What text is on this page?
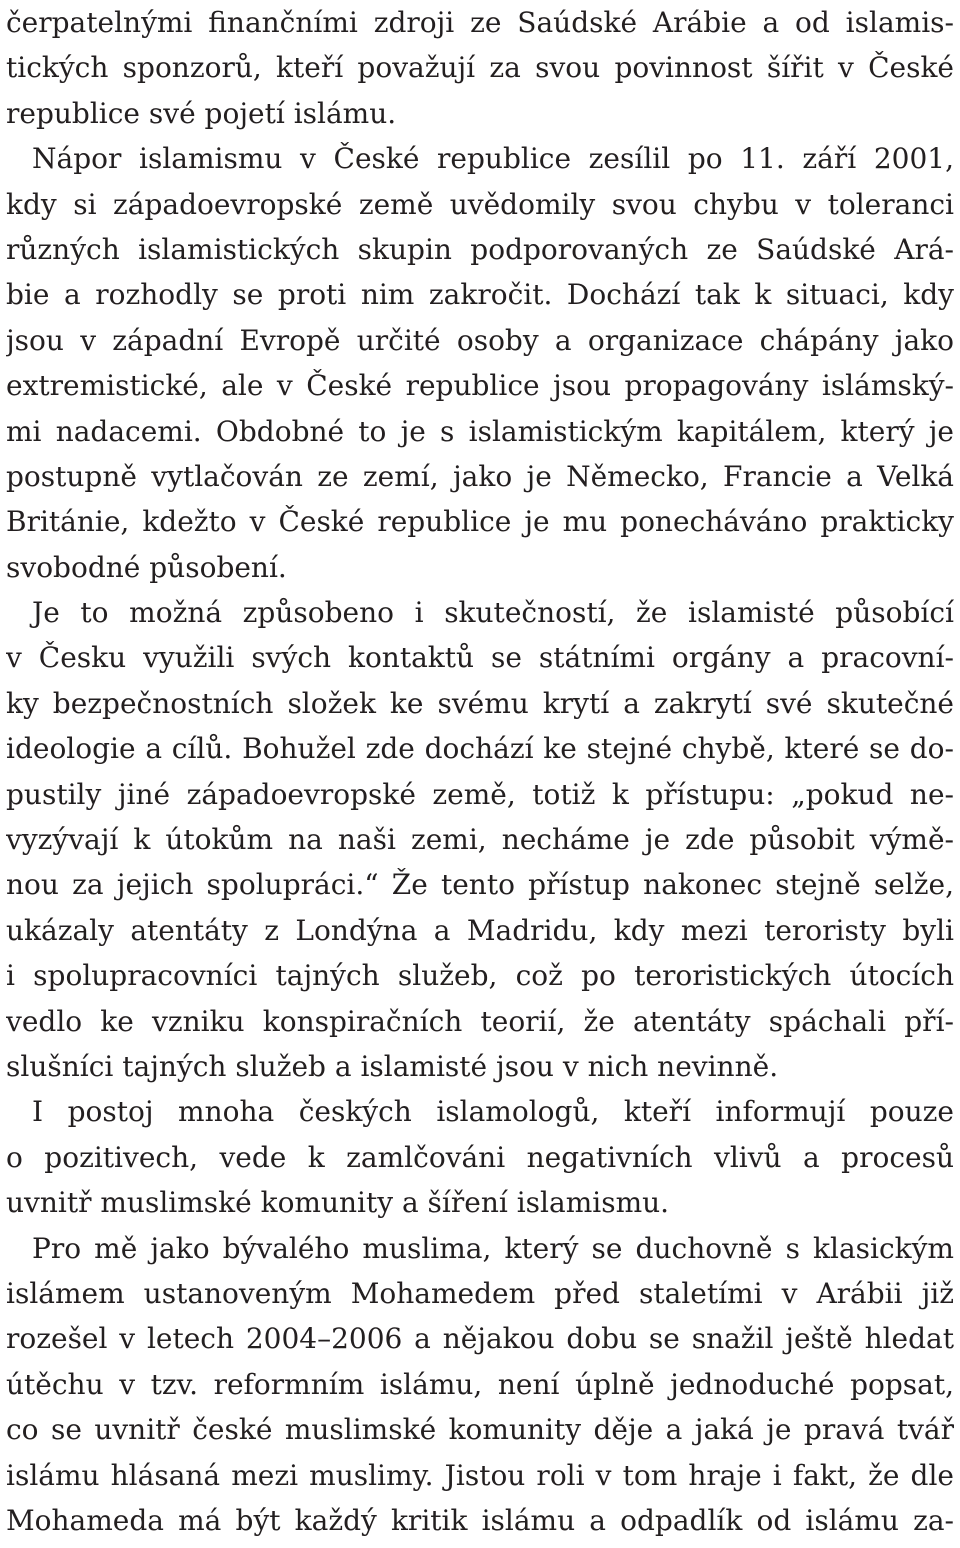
čerpatelnými finančními zdroji ze Saúdské Arábie a od islamis-
tických sponzorů, kteří považují za svou povinnost šířit v České
republice své pojetí islámu.
Nápor islamismu v České republice zesílil po 11. září 2001,
kdy si západoevropské země uvědomily svou chybu v toleranci
různých islamistických skupin podporovaných ze Saúdské Ará-
bie a rozhodly se proti nim zakročit. Dochází tak k situaci, kdy
jsou v západní Evropě určité osoby a organizace chápány jako
extremistické, ale v České republice jsou propagovány islámský-
mi nadacemi. Obdobné to je s islamistickým kapitálem, který je
postupně vytlačován ze zemí, jako je Německo, Francie a Velká
Británie, kdežto v České republice je mu ponecháváno prakticky
svobodné působení.
Je to možná způsobeno i skutečností, že islamisté působící
v Česku využili svých kontaktů se státními orgány a pracovní-
ky bezpečnostních složek ke svému krytí a zakrytí své skutečné
ideologie a cílů. Bohužel zde dochází ke stejné chybě, které se do-
pustily jiné západoevropské země, totiž k přístupu: „pokud ne-
vyzývají k útokům na naši zemi, necháme je zde působit výmě-
nou za jejich spolupráci.“ Že tento přístup nakonec stejně selže,
ukázaly atentáty z Londýna a Madridu, kdy mezi teroristy byli
i spolupracovníci tajných služeb, což po teroristických útocích
vedlo ke vzniku konspiračních teorií, že atentáty spáchali pří-
slušníci tajných služeb a islamisté jsou v nich nevinně.
I postoj mnoha českých islamologů, kteří informují pouze
o pozitivech, vede k zamlčováni negativních vlivů a procesů
uvnitř muslimské komunity a šíření islamismu.
Pro mě jako bývalého muslima, který se duchovně s klasickým
islámem ustanoveným Mohamedem před staletími v Arábii již
rozešel v letech 2004–2006 a nějakou dobu se snažil ještě hledat
útěchu v tzv. reformním islámu, není úplně jednoduché popsat,
co se uvnitř české muslimské komunity děje a jaká je pravá tvář
islámu hlásaná mezi muslimy. Jistou roli v tom hraje i fakt, že dle
Mohameda má být každý kritik islámu a odpadlík od islámu za-
